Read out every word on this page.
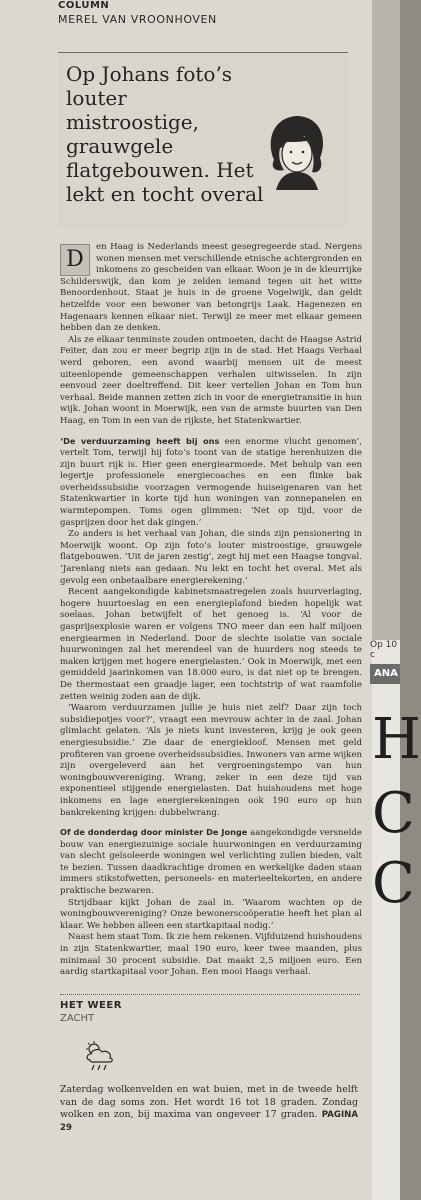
Op 10 c
ANA
H
C
C
COLUMN
MEREL VAN VROONHOVEN
Op Johans foto’s louter mistroostige, grauwgele flatgebouwen. Het lekt en tocht overal

D	en Haag is Nederlands meest gesegregeerde stad. Nergens wonen mensen met verschillende etnische achtergronden en inkomens zo gescheiden van elkaar. Woon je in de kleurrijke Schilderswijk, dan kom je zelden iemand tegen uit het witte Benoordenhout. Staat je huis in de groene Vogelwijk, dan geldt hetzelfde voor een bewoner van betongrijs Laak. Hagenezen en Hagenaars kennen elkaar niet. Terwijl ze meer met elkaar gemeen hebben dan ze denken.

Als ze elkaar tenminste zouden ontmoeten, dacht de Haagse Astrid Feiter, dan zou er meer begrip zijn in de stad. Het Haags Verhaal werd geboren, een avond waarbij mensen uit de meest uiteenlopende gemeenschappen verhalen uitwisselen. In zijn eenvoud zeer doeltreffend. Dit keer vertellen Johan en Tom hun verhaal. Beide mannen zetten zich in voor de energietransitie in hun wijk. Johan woont in Moerwijk, een van de armste buurten van Den Haag, en Tom in een van de rijkste, het Statenkwartier.

‘De verduurzaming heeft bij ons een enorme vlucht genomen’, vertelt Tom, terwijl hij foto’s toont van de statige herenhuizen die zijn buurt rijk is. Hier geen energiearmoede. Met behulp van een legertje professionele energiecoaches en een flinke bak overheidssubsidie voorzagen vermogende huiseigenaren van het Statenkwartier in korte tijd hun woningen van zonnepanelen en warmtepompen. Toms ogen glimmen: ‘Net op tijd, voor de gasprijzen door het dak gingen.’

Zo anders is het verhaal van Johan, die sinds zijn pensionering in Moerwijk woont. Op zijn foto’s louter mistroostige, grauwgele flatgebouwen. ‘Uit de jaren zestig’, zegt hij met een Haagse tongval. ‘Jarenlang niets aan gedaan. Nu lekt en tocht het overal. Met als gevolg een onbetaalbare energierekening.’

Recent aangekondigde kabinetsmaatregelen zoals huurverlaging, hogere huurtoeslag en een energieplafond bieden hopelijk wat soelaas. Johan betwijfelt of het genoeg is. ‘Al voor de gasprijsexplosie waren er volgens TNO meer dan een half miljoen energiearmen in Nederland. Door de slechte isolatie van sociale huurwoningen zal het merendeel van de huurders nog steeds te maken krijgen met hogere energielasten.’ Ook in Moerwijk, met een gemiddeld jaarinkomen van 18.000 euro, is dat niet op te brengen. De thermostaat een graadje lager, een tochtstrip of wat raamfolie zetten weinig zoden aan de dijk.

‘Waarom verduurzamen jullie je huis niet zelf? Daar zijn toch subsidiepotjes voor?’, vraagt een mevrouw achter in de zaal. Johan glimlacht gelaten. ‘Als je niets kunt investeren, krijg je ook geen energiesubsidie.’ Zie daar de energiekloof. Mensen met geld profiteren van groene overheidssubsidies. Inwoners van arme wijken zijn overgeleverd aan het vergroeningstempo van hun woningbouwvereniging. Wrang, zeker in een deze tijd van exponentieel stijgende energielasten. Dat huishoudens met hoge inkomens en lage energierekeningen ook 190 euro op hun bankrekening krijgen: dubbelwrang.

Of de donderdag door minister De Jonge aangekondigde versnelde bouw van energiezuinige sociale huurwoningen en verduurzaming van slecht geïsoleerde woningen wel verlichting zullen bieden, valt te bezien. Tussen daadkrachtige dromen en werkelijke daden staan immers stikstofwetten, personeels- en materieeltekorten, en andere praktische bezwaren.

Strijdbaar kijkt Johan de zaal in. ‘Waarom wachten op de woningbouwvereniging? Onze bewonerscoöperatie heeft het plan al klaar. We hebben alleen een startkapitaal nodig.’

Naast hem staat Tom. Ik zie hem rekenen. Vijfduizend huishoudens in zijn Statenkwartier, maal 190 euro, keer twee maanden, plus minimaal 30 procent subsidie. Dat maakt 2,5 miljoen euro. Een aardig startkapitaal voor Johan. Een mooi Haags verhaal.

HET WEER
ZACHT

Zaterdag wolkenvelden en wat buien, met in de tweede helft van de dag soms zon. Het wordt 16 tot 18 graden. Zondag wolken en zon, bij maxima van ongeveer 17 graden. PAGINA 29
